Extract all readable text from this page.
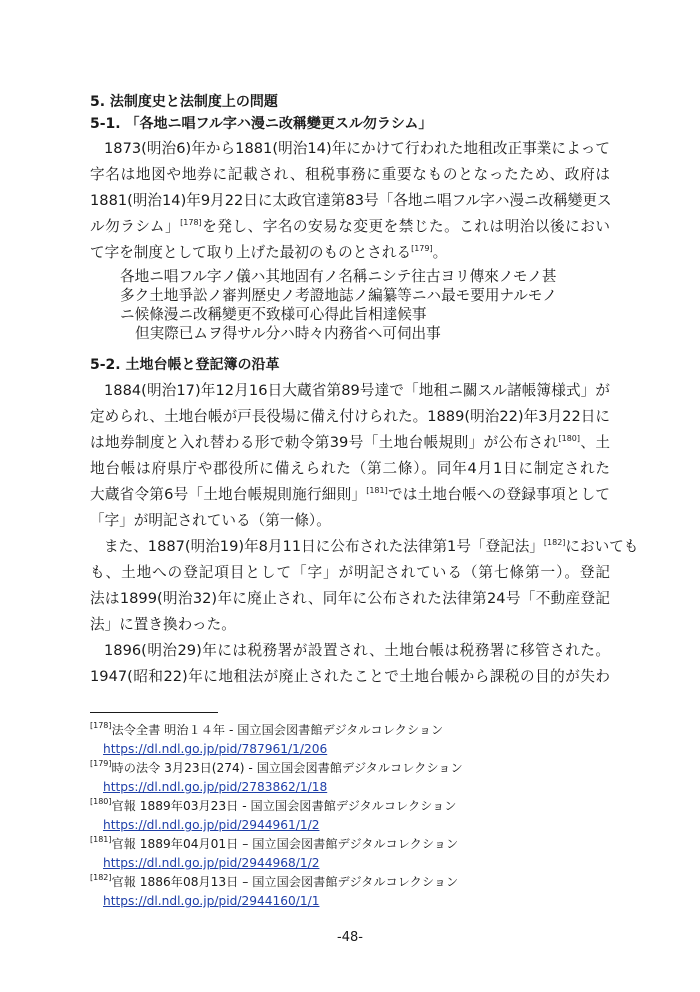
5. 法制度史と法制度上の問題
5-1. 「各地ニ唱フル字ハ漫ニ改稱變更スル勿ラシム」
1873(明治6)年から1881(明治14)年にかけて行われた地租改正事業によって
字名は地図や地券に記載され、租税事務に重要なものとなったため、政府は
1881(明治14)年9月22日に太政官達第83号「各地ニ唱フル字ハ漫ニ改稱變更ス
ル勿ラシム」[178]を発し、字名の安易な変更を禁じた。これは明治以後におい
て字を制度として取り上げた最初のものとされる[179]。
各地ニ唱フル字ノ儀ハ其地固有ノ名稱ニシテ往古ヨリ傳來ノモノ甚
多ク土地爭訟ノ審判歴史ノ考證地誌ノ編纂等ニハ最モ要用ナルモノ
ニ候條漫ニ改稱變更不致様可心得此旨相達候事
但実際已ムヲ得サル分ハ時々内務省へ可伺出事
5-2. 土地台帳と登記簿の沿革
1884(明治17)年12月16日大蔵省第89号達で「地租ニ關スル諸帳簿様式」が
定められ、土地台帳が戸長役場に備え付けられた。1889(明治22)年3月22日に
は地券制度と入れ替わる形で勅令第39号「土地台帳規則」が公布され[180]、土
地台帳は府県庁や郡役所に備えられた（第二條）。同年4月1日に制定された
大蔵省令第6号「土地台帳規則施行細則」[181]では土地台帳への登録事項として
「字」が明記されている（第一條）。
また、1887(明治19)年8月11日に公布された法律第1号「登記法」[182]においても
も、土地への登記項目として「字」が明記されている（第七條第一）。登記
法は1899(明治32)年に廃止され、同年に公布された法律第24号「不動産登記
法」に置き換わった。
1896(明治29)年には税務署が設置され、土地台帳は税務署に移管された。
1947(昭和22)年に地租法が廃止されたことで土地台帳から課税の目的が失わ
[178]法令全書 明治１４年 - 国立国会図書館デジタルコレクション
https://dl.ndl.go.jp/pid/787961/1/206
[179]時の法令 3月23日(274) - 国立国会図書館デジタルコレクション
https://dl.ndl.go.jp/pid/2783862/1/18
[180]官報 1889年03月23日 - 国立国会図書館デジタルコレクション
https://dl.ndl.go.jp/pid/2944961/1/2
[181]官報 1889年04月01日 – 国立国会図書館デジタルコレクション
https://dl.ndl.go.jp/pid/2944968/1/2
[182]官報 1886年08月13日 – 国立国会図書館デジタルコレクション
https://dl.ndl.go.jp/pid/2944160/1/1
-48-
